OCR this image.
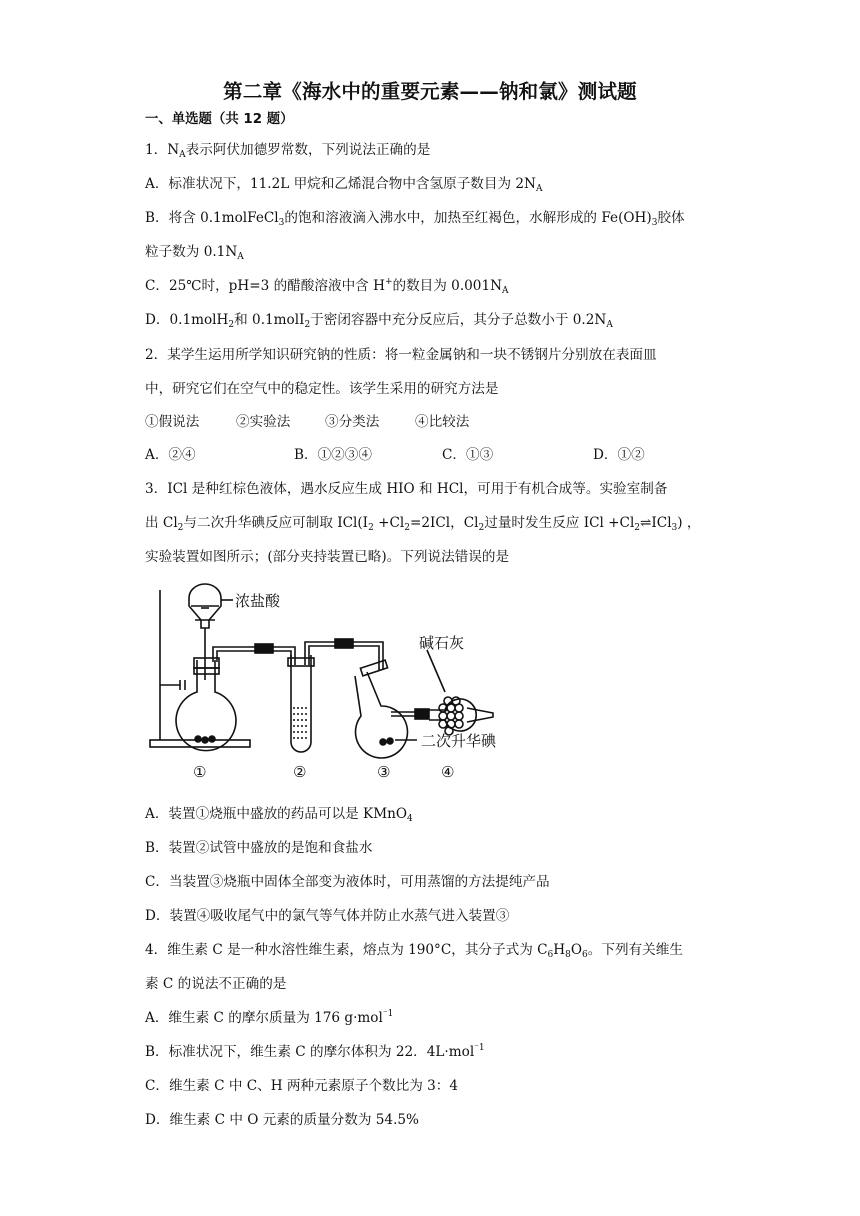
第二章《海水中的重要元素——钠和氯》测试题
一、单选题（共 12 题）
1．$N_A$表示阿伏加德罗常数，下列说法正确的是
A．标准状况下，11.2L 甲烷和乙烯混合物中含氢原子数目为 $2N_A$
B．将含 0.1molFeCl$_3$的饱和溶液滴入沸水中，加热至红褐色，水解形成的 $Fe(OH)_3$胶体
粒子数为 $0.1N_A$
C．25℃时，pH=3 的醋酸溶液中含 H+的数目为 $0.001N_A$
D．0.1molH$_2$和 0.1molI$_2$于密闭容器中充分反应后，其分子总数小于 $0.2N_A$
2．某学生运用所学知识研究钠的性质：将一粒金属钠和一块不锈钢片分别放在表面皿
中，研究它们在空气中的稳定性。该学生采用的研究方法是
①假说法	②实验法	③分类法	④比较法
A．②④	B．①②③④	C．①③	D．①②
3．ICl 是种红棕色液体，遇水反应生成 HIO 和 HCl，可用于有机合成等。实验室制备
出 $Cl_2$与二次升华碘反应可制取 $ICl(I_2 +Cl_2=2ICl$，$Cl_2$过量时发生反应 ICl $+Cl_2\rightleftharpoons ICl_3$) ，
实验装置如图所示；(部分夹持装置已略)。下列说法错误的是
浓盐酸
碱石灰
二次升华碘
①	②	③	④
A．装置①烧瓶中盛放的药品可以是 KMnO$_4$
B．装置②试管中盛放的是饱和食盐水
C．当装置③烧瓶中固体全部变为液体时，可用蒸馏的方法提纯产品
D．装置④吸收尾气中的氯气等气体并防止水蒸气进入装置③
4．维生素 C 是一种水溶性维生素，熔点为 190°C，其分子式为 $C_6H_8O_6$。下列有关维生
素 C 的说法不正确的是
A．维生素 C 的摩尔质量为 176 g·mol$^{^-1}$
B．标准状况下，维生素 C 的摩尔体积为 22．4L·mol$^{^-1}$
C．维生素 C 中 C、H 两种元素原子个数比为 3：4
D．维生素 C 中 O 元素的质量分数为 54.5%
